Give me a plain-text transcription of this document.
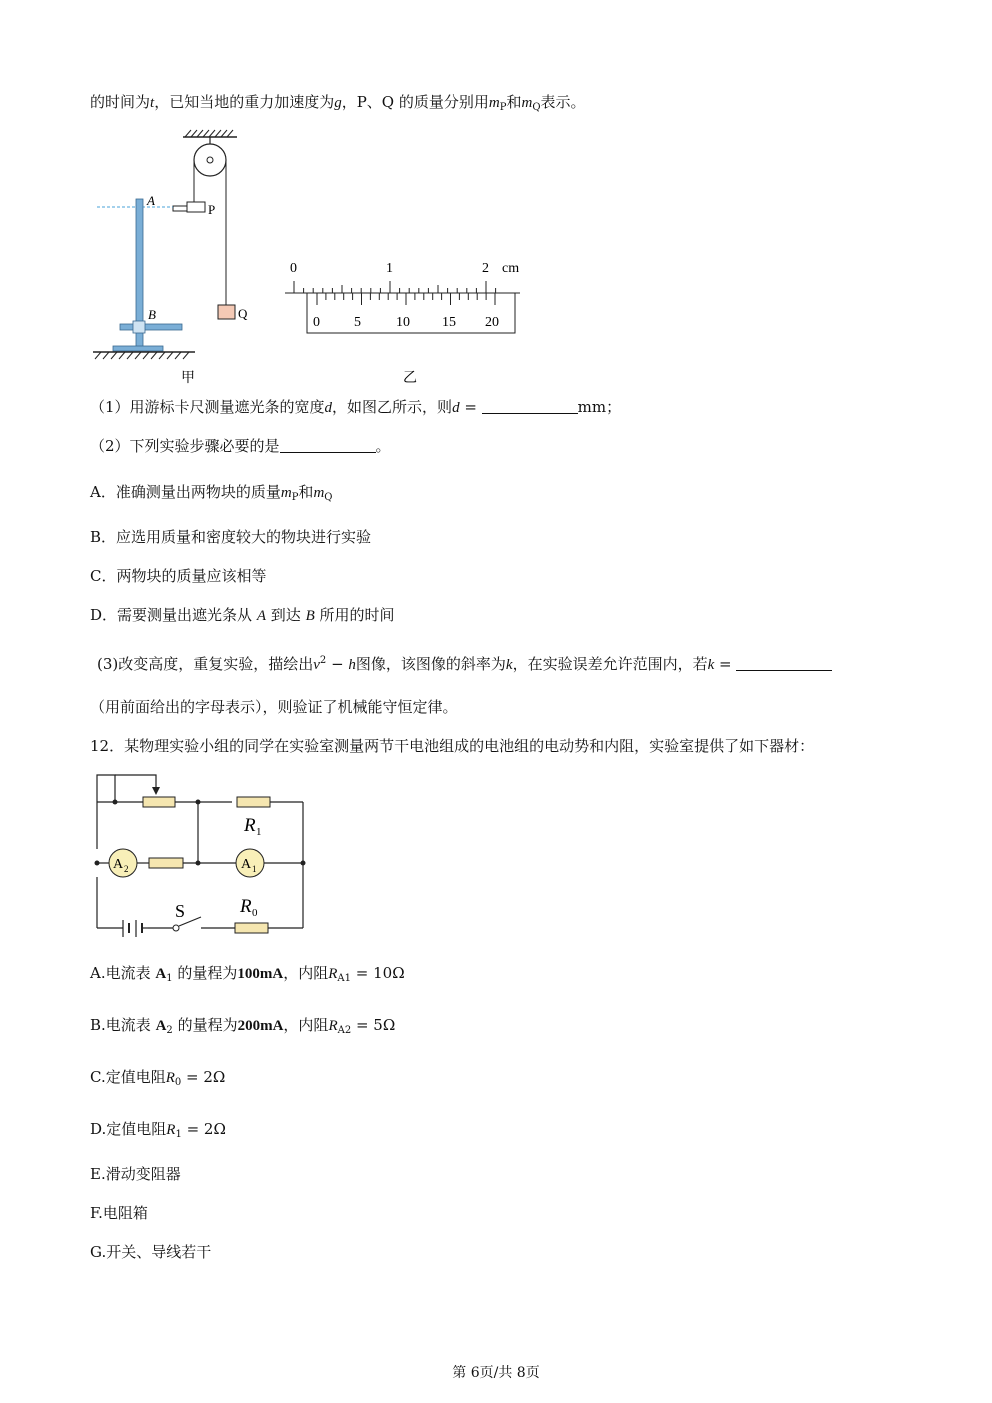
的时间为t，已知当地的重力加速度为g，P、Q 的质量分别用$m_P$和$m_Q$表示。
P
Q
A
B
甲
0	1	2 cm
0 5	10 15 20
乙
（1）用游标卡尺测量遮光条的宽度d，如图乙所示，则d =	mm；
（2）下列实验步骤必要的是	。
A．准确测量出两物块的质量$m_P$和$m_Q$
B．应选用质量和密度较大的物块进行实验
C．两物块的质量应该相等
D．需要测量出遮光条从 A 到达 B 所用的时间
(3)改变高度，重复实验，描绘出$v^2 - h$图像，该图像的斜率为k，在实验误差允许范围内，若k =
（用前面给出的字母表示），则验证了机械能守恒定律。
12．某物理实验小组的同学在实验室测量两节干电池组成的电池组的电动势和内阻，实验室提供了如下器材：
A 2	A 1
R 1
R 0
S
A.电流表 $A_1$ 的量程为100mA，内阻$R_{A1} = 10\Omega$
B.电流表 $A_2$ 的量程为200mA，内阻$R_{A2} = 5\Omega$
C.定值电阻$R_0 = 2\Omega$
D.定值电阻$R_1 = 2\Omega$
E.滑动变阻器
F.电阻箱
G.开关、导线若干
第 6页/共 8页
